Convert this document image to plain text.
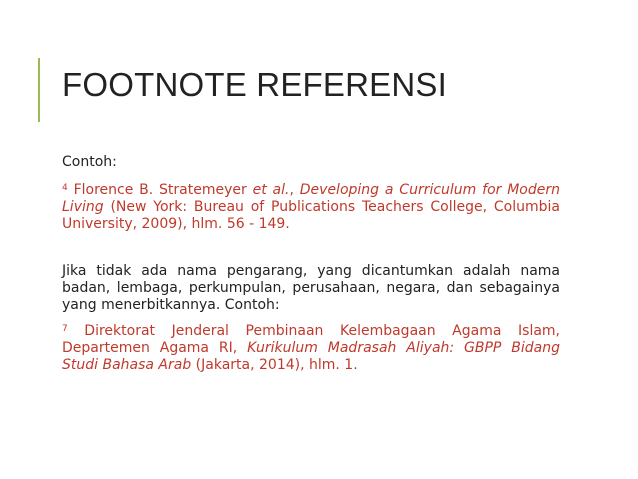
FOOTNOTE REFERENSI

Contoh:

$^4$ Florence B. Stratemeyer et al., Developing a Curriculum for Modern Living (New York: Bureau of Publications Teachers College, Columbia University, 2009), hlm. 56 - 149.

Jika tidak ada nama pengarang, yang dicantumkan adalah nama badan, lembaga, perkumpulan, perusahaan, negara, dan sebagainya yang menerbitkannya. Contoh:

$^7$ Direktorat Jenderal Pembinaan Kelembagaan Agama Islam, Departemen Agama RI, Kurikulum Madrasah Aliyah: GBPP Bidang Studi Bahasa Arab (Jakarta, 2014), hlm. 1.
